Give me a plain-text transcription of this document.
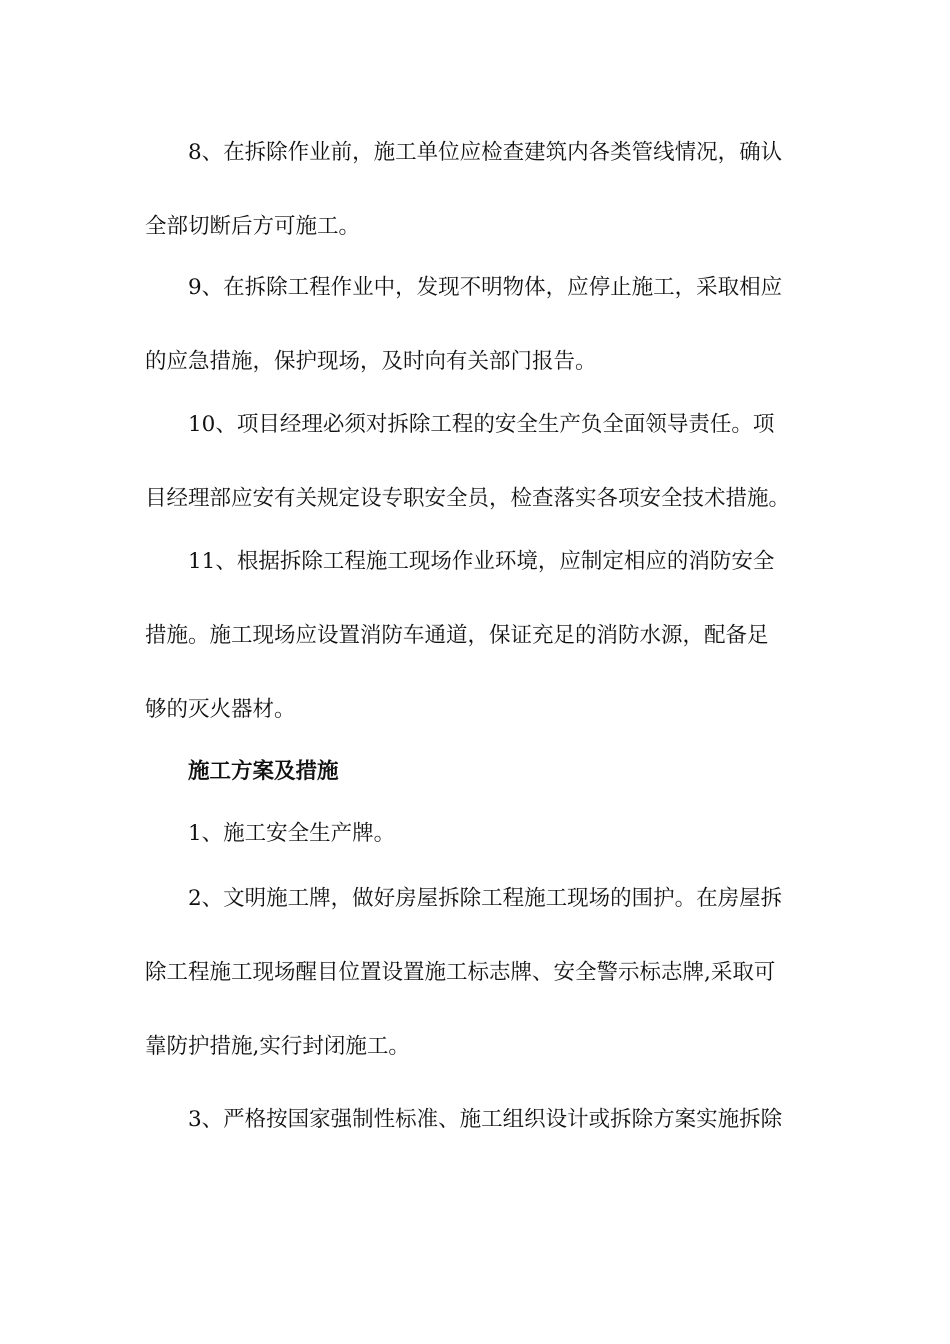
8、在拆除作业前，施工单位应检查建筑内各类管线情况，确认
全部切断后方可施工。
9、在拆除工程作业中，发现不明物体，应停止施工，采取相应
的应急措施，保护现场，及时向有关部门报告。
10、项目经理必须对拆除工程的安全生产负全面领导责任。项
目经理部应安有关规定设专职安全员，检查落实各项安全技术措施。
11、根据拆除工程施工现场作业环境，应制定相应的消防安全
措施。施工现场应设置消防车通道，保证充足的消防水源，配备足
够的灭火器材。
施工方案及措施
1、施工安全生产牌。
2、文明施工牌，做好房屋拆除工程施工现场的围护。在房屋拆
除工程施工现场醒目位置设置施工标志牌、安全警示标志牌,采取可
靠防护措施,实行封闭施工。
3、严格按国家强制性标准、施工组织设计或拆除方案实施拆除
